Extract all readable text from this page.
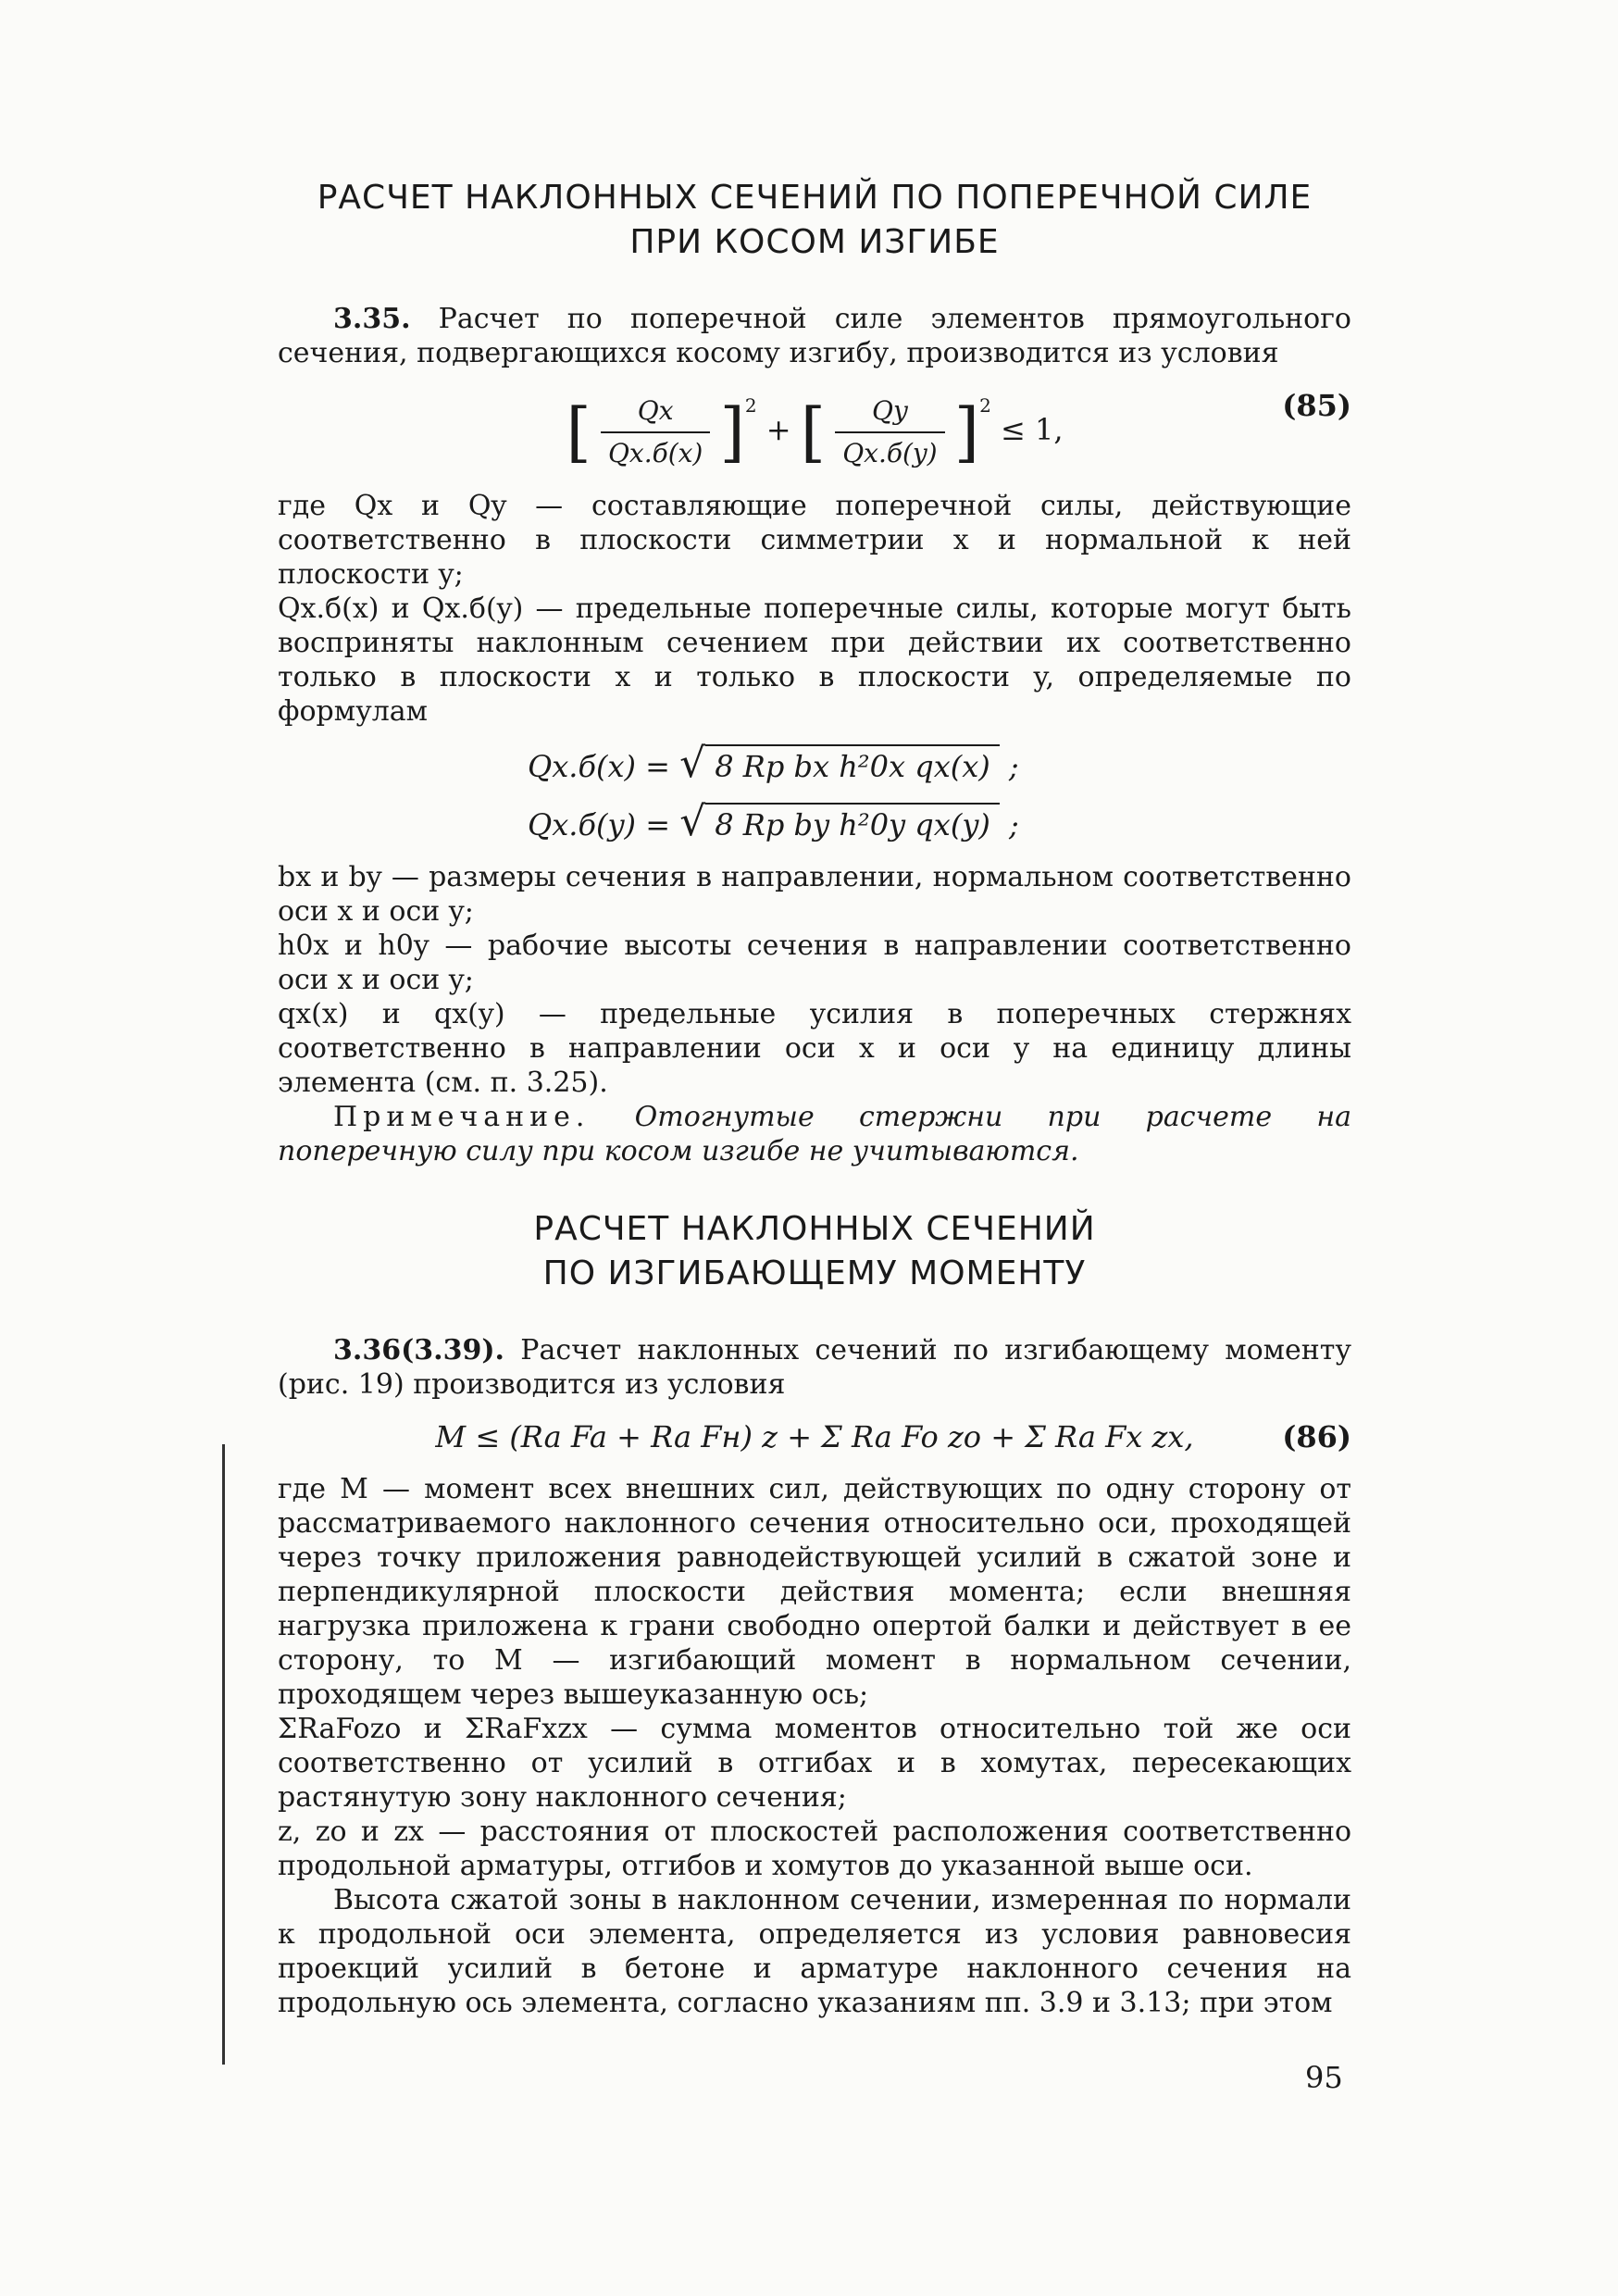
РАСЧЕТ НАКЛОННЫХ СЕЧЕНИЙ ПО ПОПЕРЕЧНОЙ СИЛЕ
ПРИ КОСОМ ИЗГИБЕ

3.35. Расчет по поперечной силе элементов прямоугольного сечения, подвергающихся косому изгибу, производится из условия

[ $\frac{Qx}{Qx.б(x)} ]^2$ + [ $\frac{Qy}{Qx.б(y)} ]^2 \le 1$,
(85)

где Qx и Qy — составляющие поперечной силы, действующие соответственно в плоскости симметрии x и нормальной к ней плоскости y;

Qx.б(x) и Qx.б(y) — предельные поперечные силы, которые могут быть восприняты наклонным сечением при действии их соответственно только в плоскости x и только в плоскости y, определяемые по формулам

Qx.б(x) = √ 8 Rp bx h²0x qx(x) ;
Qx.б(y) = √ 8 Rp by h²0y qx(y) ;

bx и by — размеры сечения в направлении, нормальном соответственно оси x и оси y;

h0x и h0y — рабочие высоты сечения в направлении соответственно оси x и оси y;

qx(x) и qx(y) — предельные усилия в поперечных стержнях соответственно в направлении оси x и оси y на единицу длины элемента (см. п. 3.25).

Примечание. Отогнутые стержни при расчете на поперечную силу при косом изгибе не учитываются.

РАСЧЕТ НАКЛОННЫХ СЕЧЕНИЙ
ПО ИЗГИБАЮЩЕМУ МОМЕНТУ

3.36(3.39). Расчет наклонных сечений по изгибающему моменту (рис. 19) производится из условия

M ≤ (Ra Fa + Ra Fн) z + Σ Ra Fo zo + Σ Ra Fx zx,	(86)

где M — момент всех внешних сил, действующих по одну сторону от рассматриваемого наклонного сечения относительно оси, проходящей через точку приложения равнодействующей усилий в сжатой зоне и перпендикулярной плоскости действия момента; если внешняя нагрузка приложена к грани свободно опертой балки и действует в ее сторону, то M — изгибающий момент в нормальном сечении, проходящем через вышеуказанную ось;

ΣRaFozo и ΣRaFxzx — сумма моментов относительно той же оси соответственно от усилий в отгибах и в хомутах, пересекающих растянутую зону наклонного сечения;

z, zo и zx — расстояния от плоскостей расположения соответственно продольной арматуры, отгибов и хомутов до указанной выше оси.

Высота сжатой зоны в наклонном сечении, измеренная по нормали к продольной оси элемента, определяется из условия равновесия проекций усилий в бетоне и арматуре наклонного сечения на продольную ось элемента, согласно указаниям пп. 3.9 и 3.13; при этом

95
